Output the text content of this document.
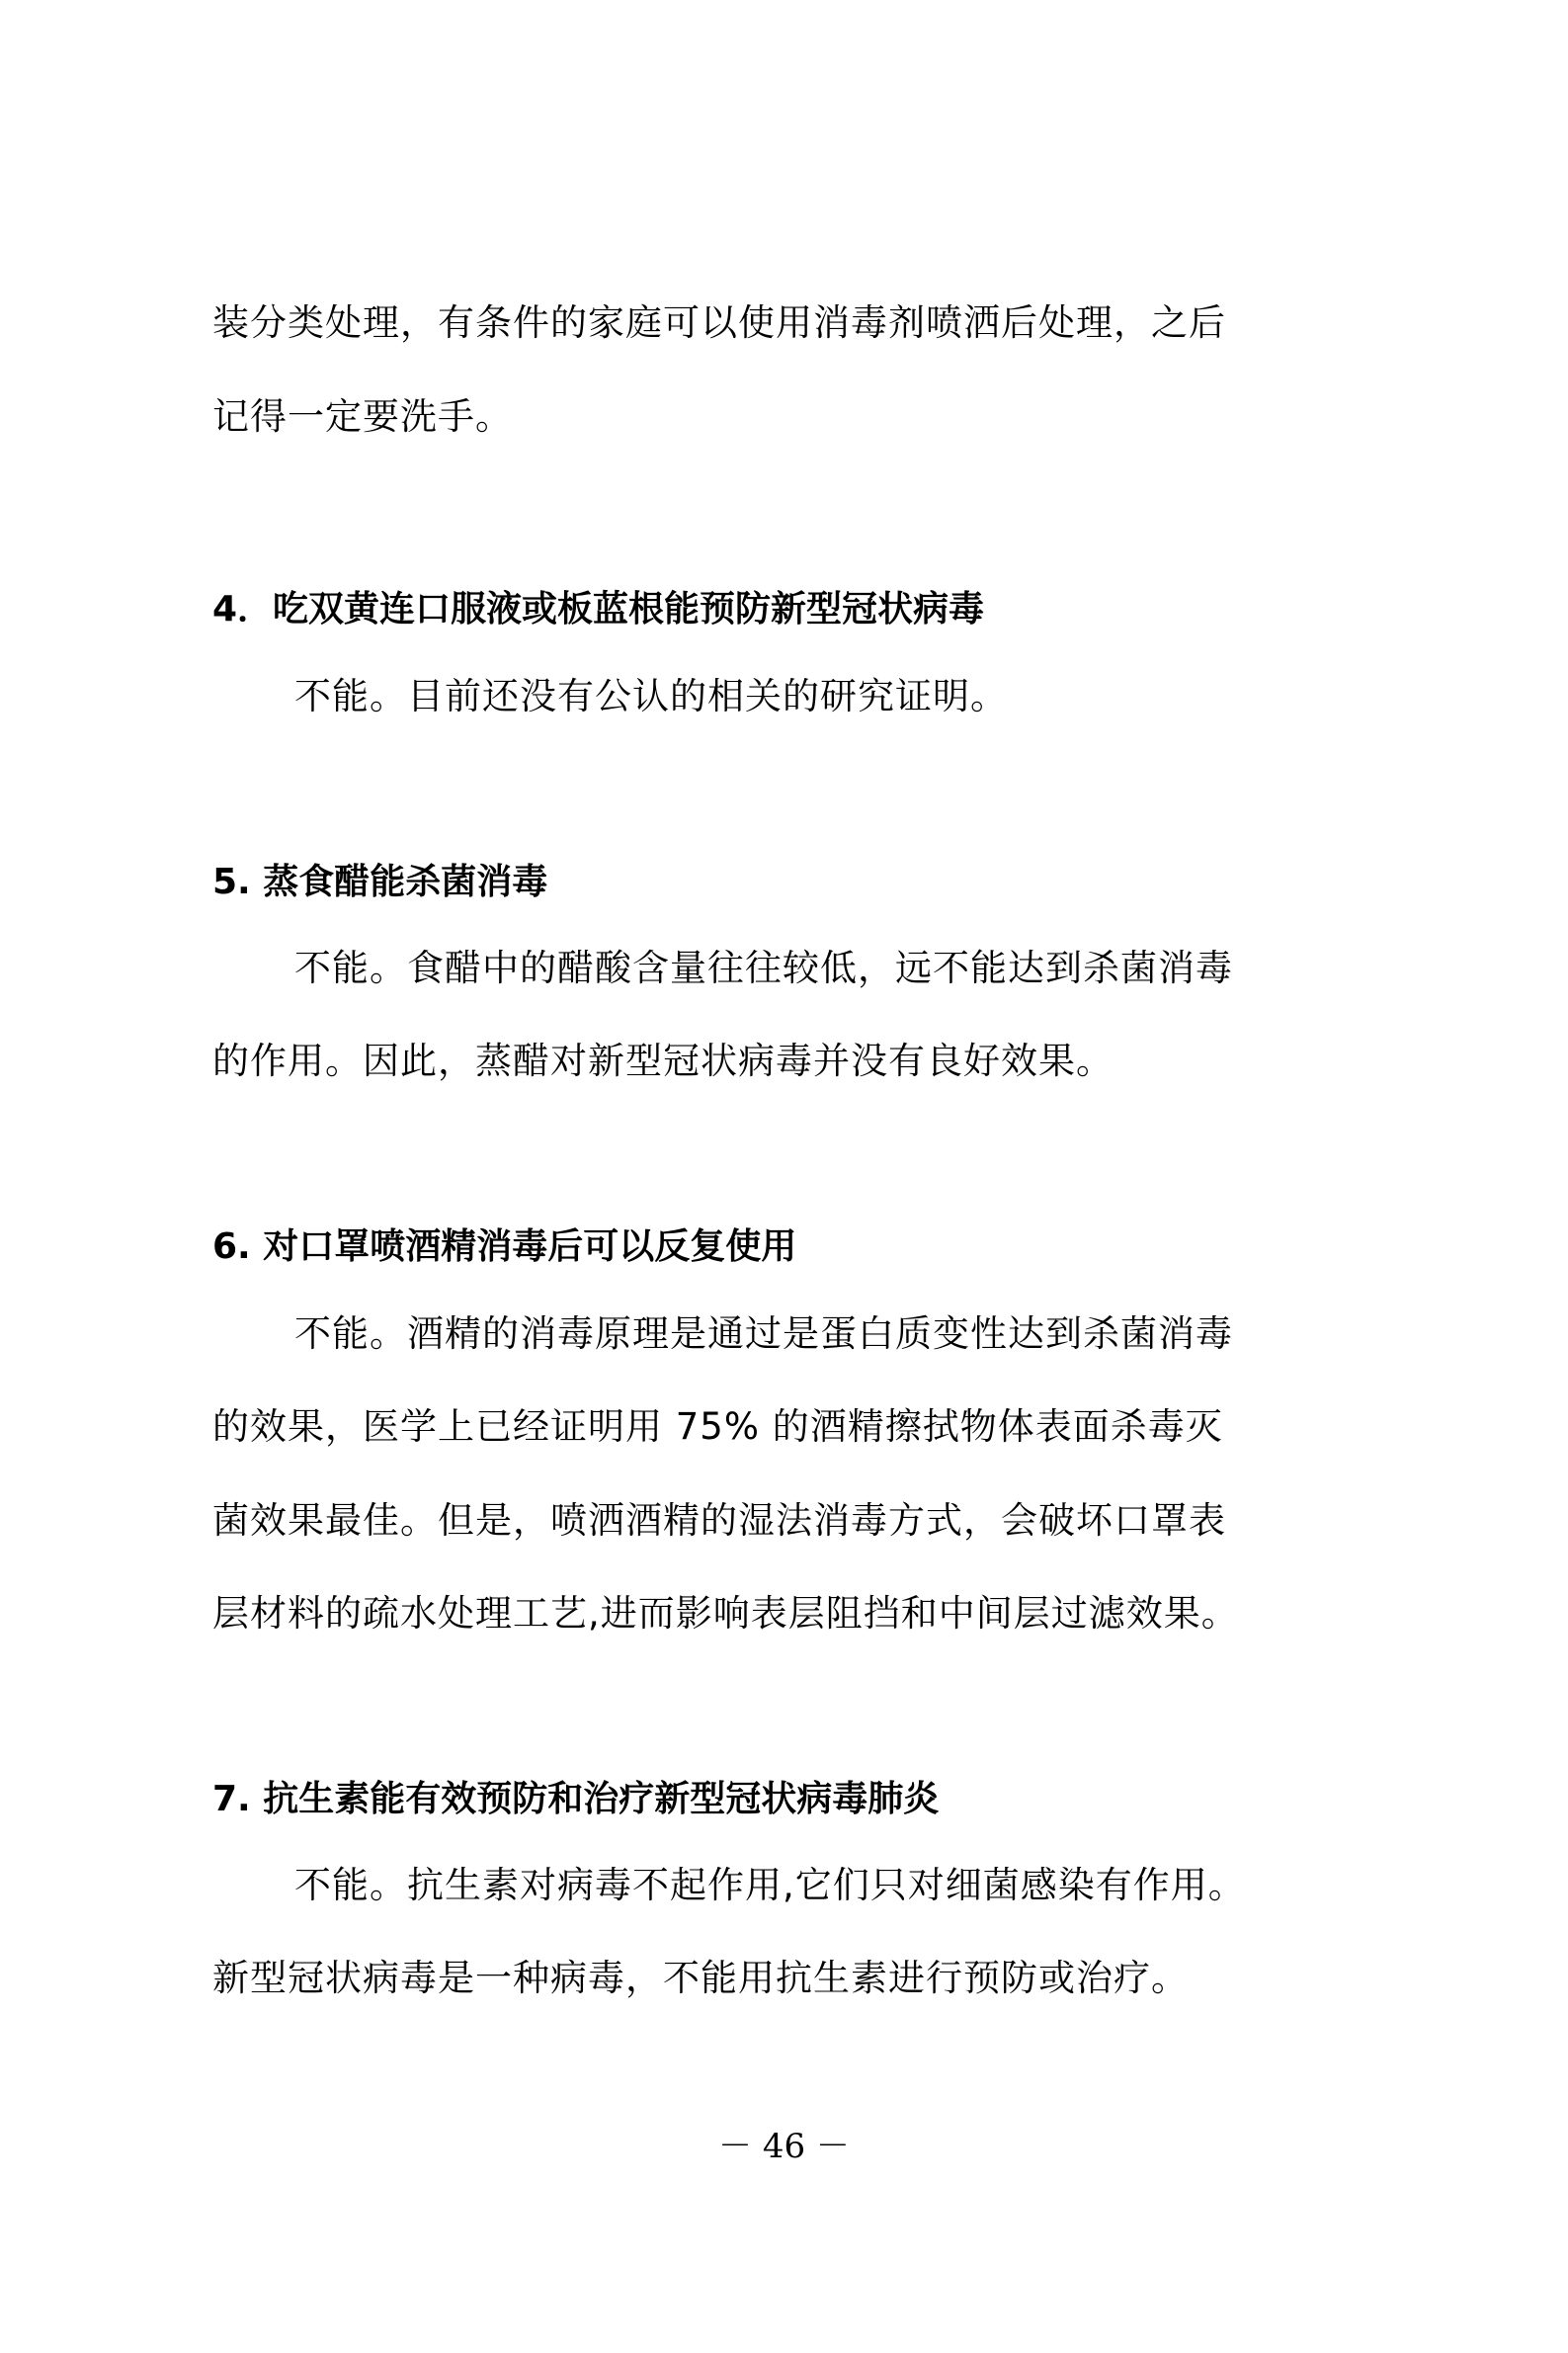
装分类处理，有条件的家庭可以使用消毒剂喷洒后处理，之后
记得一定要洗手。
4．吃双黄连口服液或板蓝根能预防新型冠状病毒
不能。目前还没有公认的相关的研究证明。
5. 蒸食醋能杀菌消毒
不能。食醋中的醋酸含量往往较低，远不能达到杀菌消毒
的作用。因此，蒸醋对新型冠状病毒并没有良好效果。
6. 对口罩喷酒精消毒后可以反复使用
不能。酒精的消毒原理是通过是蛋白质变性达到杀菌消毒
的效果，医学上已经证明用 75% 的酒精擦拭物体表面杀毒灭
菌效果最佳。但是，喷洒酒精的湿法消毒方式，会破坏口罩表
层材料的疏水处理工艺,进而影响表层阻挡和中间层过滤效果。
7. 抗生素能有效预防和治疗新型冠状病毒肺炎
不能。抗生素对病毒不起作用,它们只对细菌感染有作用。
新型冠状病毒是一种病毒，不能用抗生素进行预防或治疗。
－ 46 －
